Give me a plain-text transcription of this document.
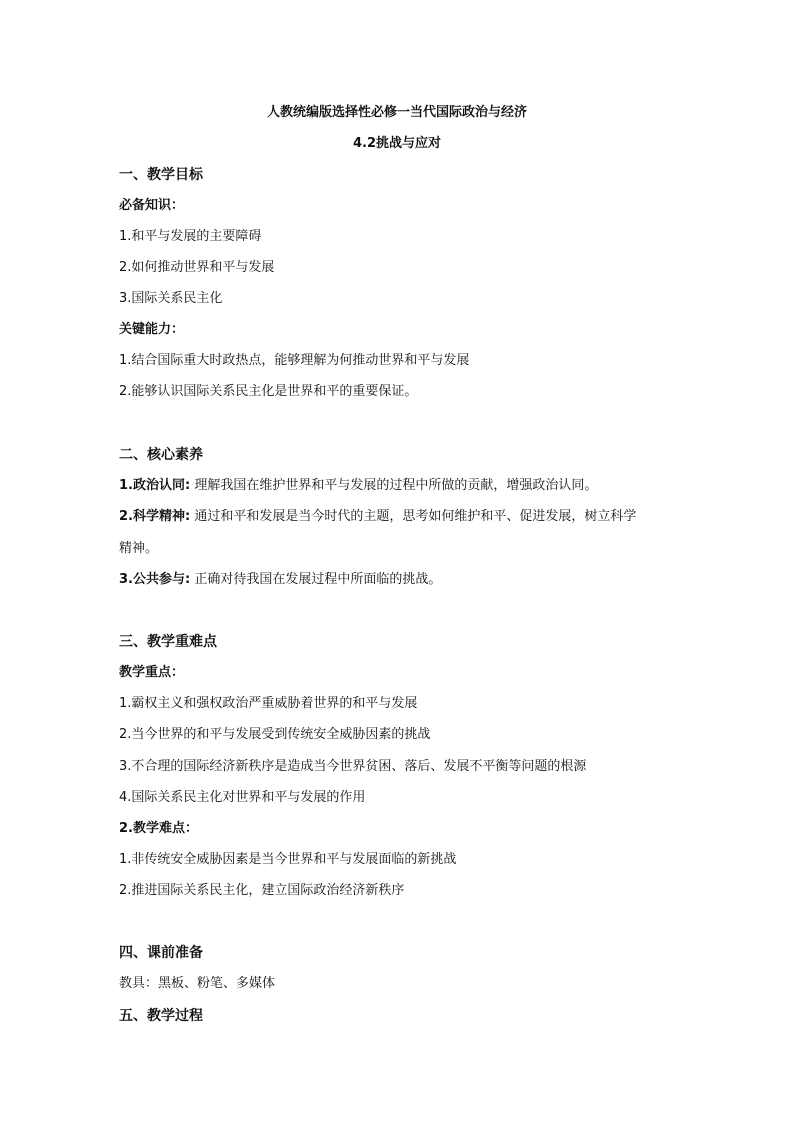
人教统编版选择性必修一当代国际政治与经济
4.2挑战与应对
一、教学目标
必备知识：
1.和平与发展的主要障碍
2.如何推动世界和平与发展
3.国际关系民主化
关键能力：
1.结合国际重大时政热点，能够理解为何推动世界和平与发展
2.能够认识国际关系民主化是世界和平的重要保证。
二、核心素养
1.政治认同: 理解我国在维护世界和平与发展的过程中所做的贡献，增强政治认同。
2.科学精神: 通过和平和发展是当今时代的主题，思考如何维护和平、促进发展，树立科学
精神。
3.公共参与: 正确对待我国在发展过程中所面临的挑战。
三、教学重难点
教学重点：
1.霸权主义和强权政治严重威胁着世界的和平与发展
2.当今世界的和平与发展受到传统安全威胁因素的挑战
3.不合理的国际经济新秩序是造成当今世界贫困、落后、发展不平衡等问题的根源
4.国际关系民主化对世界和平与发展的作用
2.教学难点：
1.非传统安全威胁因素是当今世界和平与发展面临的新挑战
2.推进国际关系民主化，建立国际政治经济新秩序
四、课前准备
教具：黑板、粉笔、多媒体
五、教学过程
